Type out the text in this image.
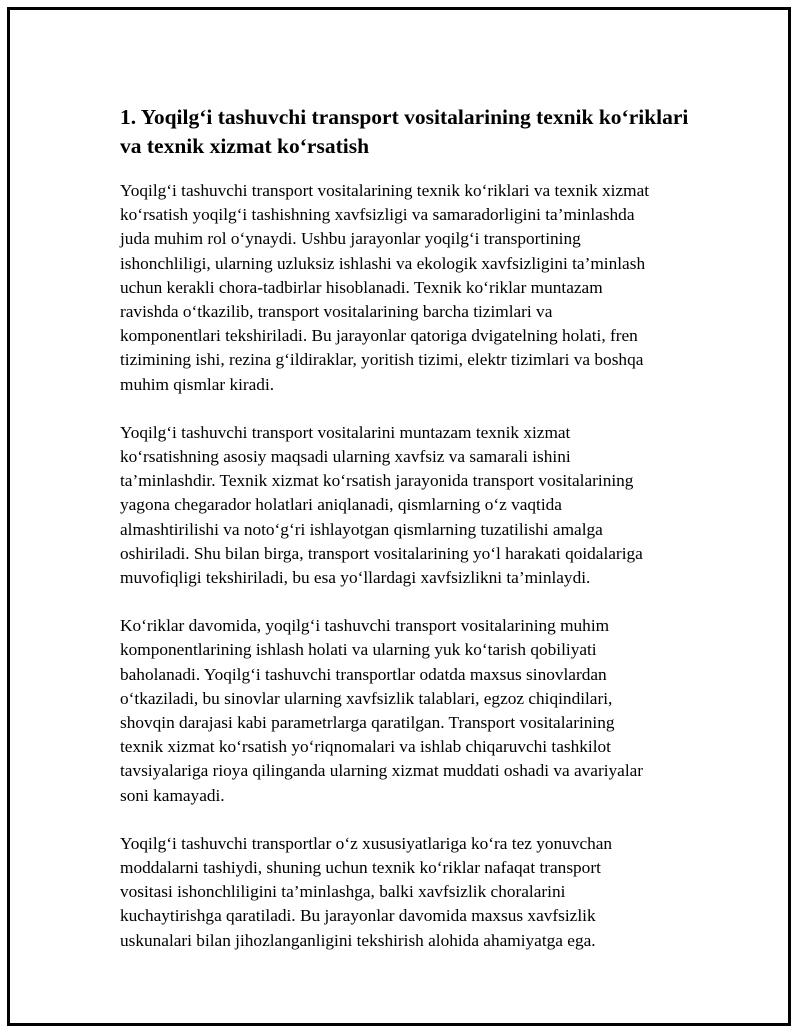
1. Yoqilg‘i tashuvchi transport vositalarining texnik ko‘riklari
va texnik xizmat ko‘rsatish

Yoqilg‘i tashuvchi transport vositalarining texnik ko‘riklari va texnik xizmat
ko‘rsatish yoqilg‘i tashishning xavfsizligi va samaradorligini ta’minlashda
juda muhim rol o‘ynaydi. Ushbu jarayonlar yoqilg‘i transportining
ishonchliligi, ularning uzluksiz ishlashi va ekologik xavfsizligini ta’minlash
uchun kerakli chora-tadbirlar hisoblanadi. Texnik ko‘riklar muntazam
ravishda o‘tkazilib, transport vositalarining barcha tizimlari va
komponentlari tekshiriladi. Bu jarayonlar qatoriga dvigatelning holati, fren
tizimining ishi, rezina g‘ildiraklar, yoritish tizimi, elektr tizimlari va boshqa
muhim qismlar kiradi.

Yoqilg‘i tashuvchi transport vositalarini muntazam texnik xizmat
ko‘rsatishning asosiy maqsadi ularning xavfsiz va samarali ishini
ta’minlashdir. Texnik xizmat ko‘rsatish jarayonida transport vositalarining
yagona chegarador holatlari aniqlanadi, qismlarning o‘z vaqtida
almashtirilishi va noto‘g‘ri ishlayotgan qismlarning tuzatilishi amalga
oshiriladi. Shu bilan birga, transport vositalarining yo‘l harakati qoidalariga
muvofiqligi tekshiriladi, bu esa yo‘llardagi xavfsizlikni ta’minlaydi.

Ko‘riklar davomida, yoqilg‘i tashuvchi transport vositalarining muhim
komponentlarining ishlash holati va ularning yuk ko‘tarish qobiliyati
baholanadi. Yoqilg‘i tashuvchi transportlar odatda maxsus sinovlardan
o‘tkaziladi, bu sinovlar ularning xavfsizlik talablari, egzoz chiqindilari,
shovqin darajasi kabi parametrlarga qaratilgan. Transport vositalarining
texnik xizmat ko‘rsatish yo‘riqnomalari va ishlab chiqaruvchi tashkilot
tavsiyalariga rioya qilinganda ularning xizmat muddati oshadi va avariyalar
soni kamayadi.

Yoqilg‘i tashuvchi transportlar o‘z xususiyatlariga ko‘ra tez yonuvchan
moddalarni tashiydi, shuning uchun texnik ko‘riklar nafaqat transport
vositasi ishonchliligini ta’minlashga, balki xavfsizlik choralarini
kuchaytirishga qaratiladi. Bu jarayonlar davomida maxsus xavfsizlik
uskunalari bilan jihozlanganligini tekshirish alohida ahamiyatga ega.
